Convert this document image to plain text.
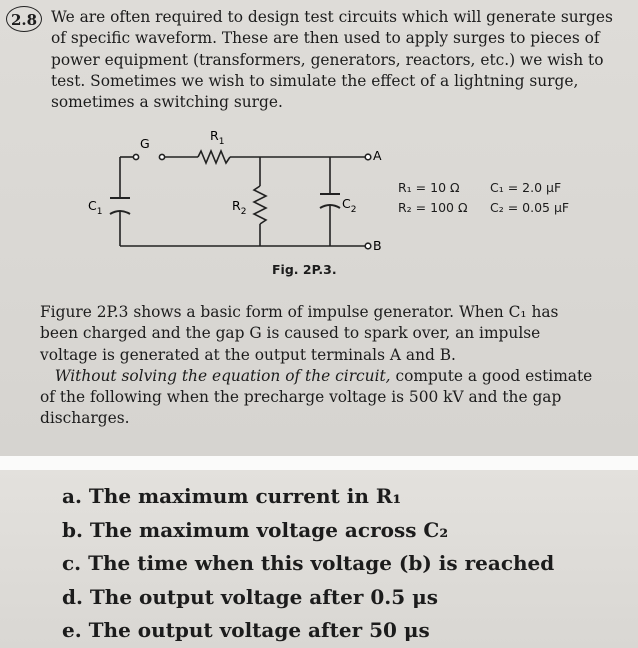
2.8 We are often required to design test circuits which will generate surges
of specific waveform. These are then used to apply surges to pieces of
power equipment (transformers, generators, reactors, etc.) we wish to
test. Sometimes we wish to simulate the effect of a lightning surge,
sometimes a switching surge.

G
$R_1$
$R_2$
$C_1$
$C_2$
A
B
R₁ = 10 Ω C₁ = 2.0 μF
R₂ = 100 Ω C₂ = 0.05 μF
Fig. 2P.3.

Figure 2P.3 shows a basic form of impulse generator. When C₁ has
been charged and the gap G is caused to spark over, an impulse
voltage is generated at the output terminals A and B.
Without solving the equation of the circuit, compute a good estimate
of the following when the precharge voltage is 500 kV and the gap
discharges.

a. The maximum current in R₁
b. The maximum voltage across C₂
c. The time when this voltage (b) is reached
d. The output voltage after 0.5 μs
e. The output voltage after 50 μs
